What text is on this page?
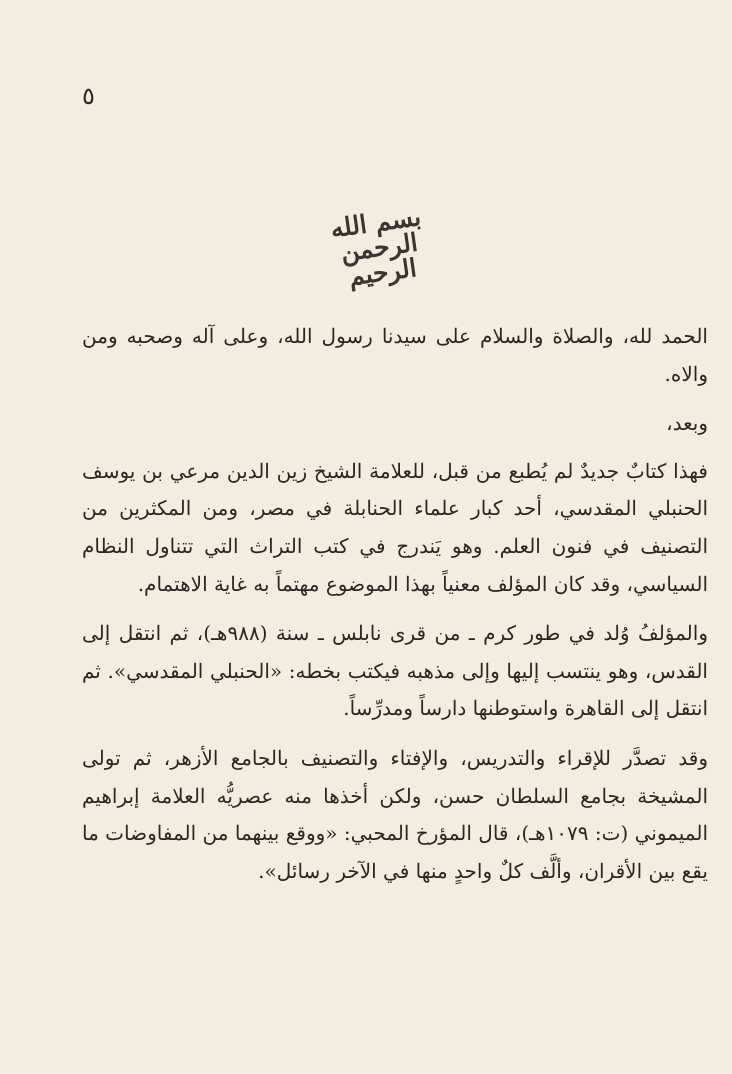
٥
بسم الله الرحمن الرحيم

الحمد لله، والصلاة والسلام على سيدنا رسول الله، وعلى آله وصحبه ومن والاه.

وبعد،

فهذا كتابٌ جديدٌ لم يُطبع من قبل، للعلامة الشيخ زين الدين مرعي بن يوسف الحنبلي المقدسي، أحد كبار علماء الحنابلة في مصر، ومن المكثرين من التصنيف في فنون العلم. وهو يَندرج في كتب التراث التي تتناول النظام السياسي، وقد كان المؤلف معنياً بهذا الموضوع مهتماً به غاية الاهتمام.

والمؤلفُ وُلد في طور كرم ـ من قرى نابلس ـ سنة (٩٨٨هـ)، ثم انتقل إلى القدس، وهو ينتسب إليها وإلى مذهبه فيكتب بخطه: «الحنبلي المقدسي». ثم انتقل إلى القاهرة واستوطنها دارساً ومدرِّساً.

وقد تصدَّر للإقراء والتدريس، والإفتاء والتصنيف بالجامع الأزهر، ثم تولى المشيخة بجامع السلطان حسن، ولكن أخذها منه عصريُّه العلامة إبراهيم الميموني (ت: ١٠٧٩هـ)، قال المؤرخ المحبي: «ووقع بينهما من المفاوضات ما يقع بين الأقران، وألَّف كلٌ واحدٍ منها في الآخر رسائل».
